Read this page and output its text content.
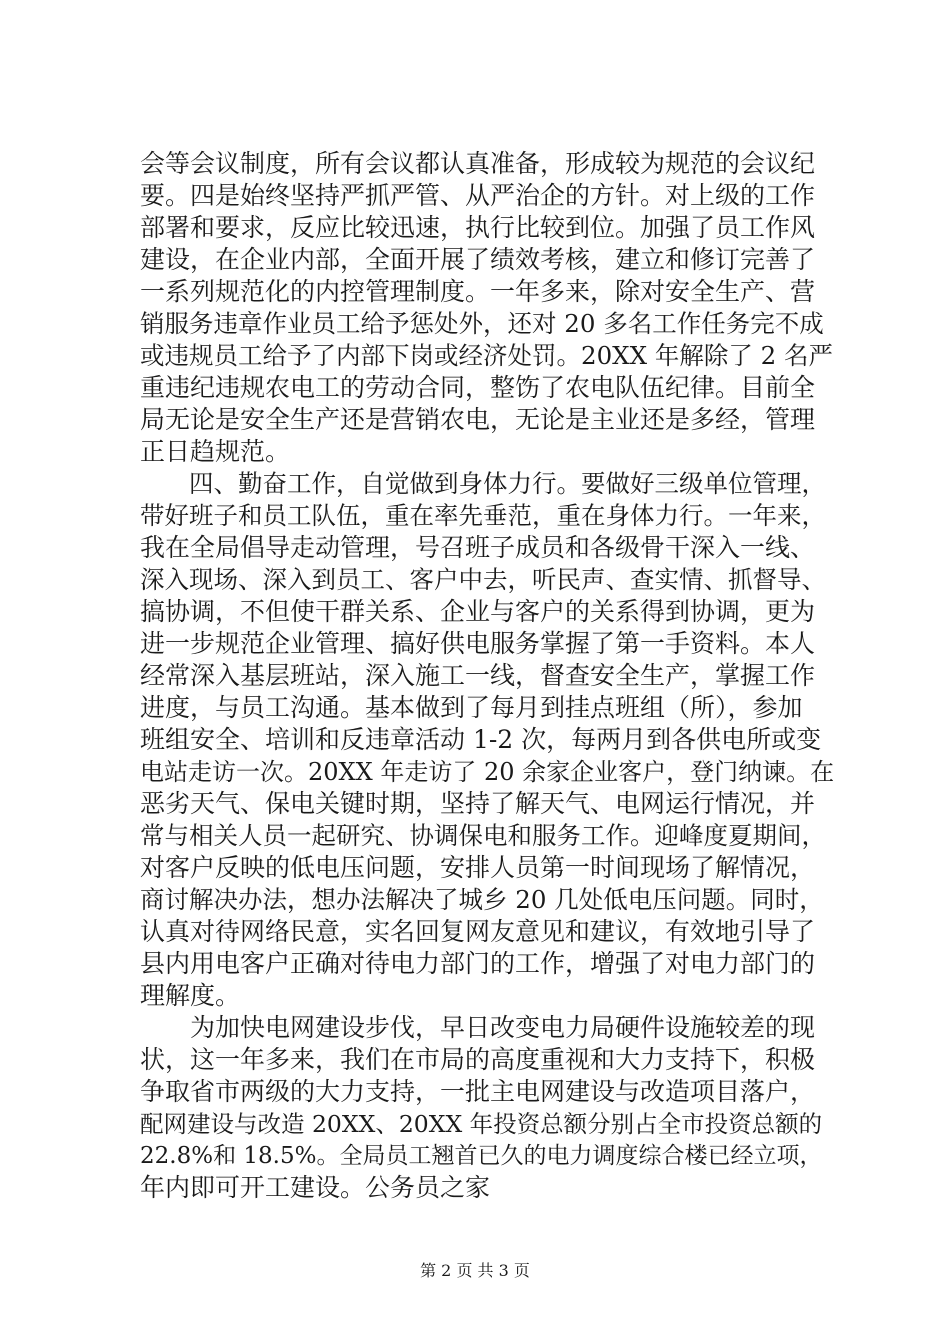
会等会议制度，所有会议都认真准备，形成较为规范的会议纪
要。四是始终坚持严抓严管、从严治企的方针。对上级的工作
部署和要求，反应比较迅速，执行比较到位。加强了员工作风
建设，在企业内部，全面开展了绩效考核，建立和修订完善了
一系列规范化的内控管理制度。一年多来，除对安全生产、营
销服务违章作业员工给予惩处外，还对 20 多名工作任务完不成
或违规员工给予了内部下岗或经济处罚。20XX 年解除了 2 名严
重违纪违规农电工的劳动合同，整饬了农电队伍纪律。目前全
局无论是安全生产还是营销农电，无论是主业还是多经，管理
正日趋规范。
　　四、勤奋工作，自觉做到身体力行。要做好三级单位管理，
带好班子和员工队伍，重在率先垂范，重在身体力行。一年来，
我在全局倡导走动管理，号召班子成员和各级骨干深入一线、
深入现场、深入到员工、客户中去，听民声、查实情、抓督导、
搞协调，不但使干群关系、企业与客户的关系得到协调，更为
进一步规范企业管理、搞好供电服务掌握了第一手资料。本人
经常深入基层班站，深入施工一线，督查安全生产，掌握工作
进度，与员工沟通。基本做到了每月到挂点班组（所），参加
班组安全、培训和反违章活动 1-2 次，每两月到各供电所或变
电站走访一次。20XX 年走访了 20 余家企业客户，登门纳谏。在
恶劣天气、保电关键时期，坚持了解天气、电网运行情况，并
常与相关人员一起研究、协调保电和服务工作。迎峰度夏期间，
对客户反映的低电压问题，安排人员第一时间现场了解情况，
商讨解决办法，想办法解决了城乡 20 几处低电压问题。同时，
认真对待网络民意，实名回复网友意见和建议，有效地引导了
县内用电客户正确对待电力部门的工作，增强了对电力部门的
理解度。
　　为加快电网建设步伐，早日改变电力局硬件设施较差的现
状，这一年多来，我们在市局的高度重视和大力支持下，积极
争取省市两级的大力支持，一批主电网建设与改造项目落户，
配网建设与改造 20XX、20XX 年投资总额分别占全市投资总额的
22.8%和 18.5%。全局员工翘首已久的电力调度综合楼已经立项，
年内即可开工建设。公务员之家
第 2 页 共 3 页
